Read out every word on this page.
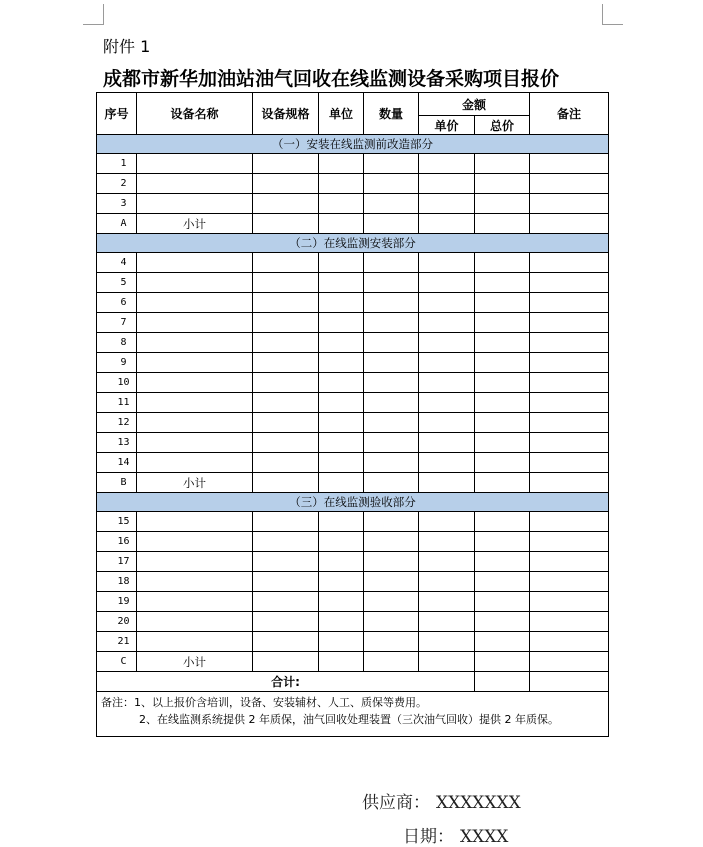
附件 1
成都市新华加油站油气回收在线监测设备采购项目报价
序号	设备名称	设备规格	单位	数量	金额		备注
					单价	总价	
（一）安装在线监测前改造部分							
1							
2							
3							
A	小计						
（二）在线监测安装部分							
4							
5							
6							
7							
8							
9							
10							
11							
12							
13							
14							
B	小计						
（三）在线监测验收部分							
15							
16							
17							
18							
19							
20							
21							
C	小计						
合计:							

备注：1、以上报价含培训，设备、安装辅材、人工、质保等费用。
2、在线监测系统提供 2 年质保，油气回收处理装置（三次油气回收）提供 2 年质保。							
供应商： XXXXXXX
日期： XXXX
